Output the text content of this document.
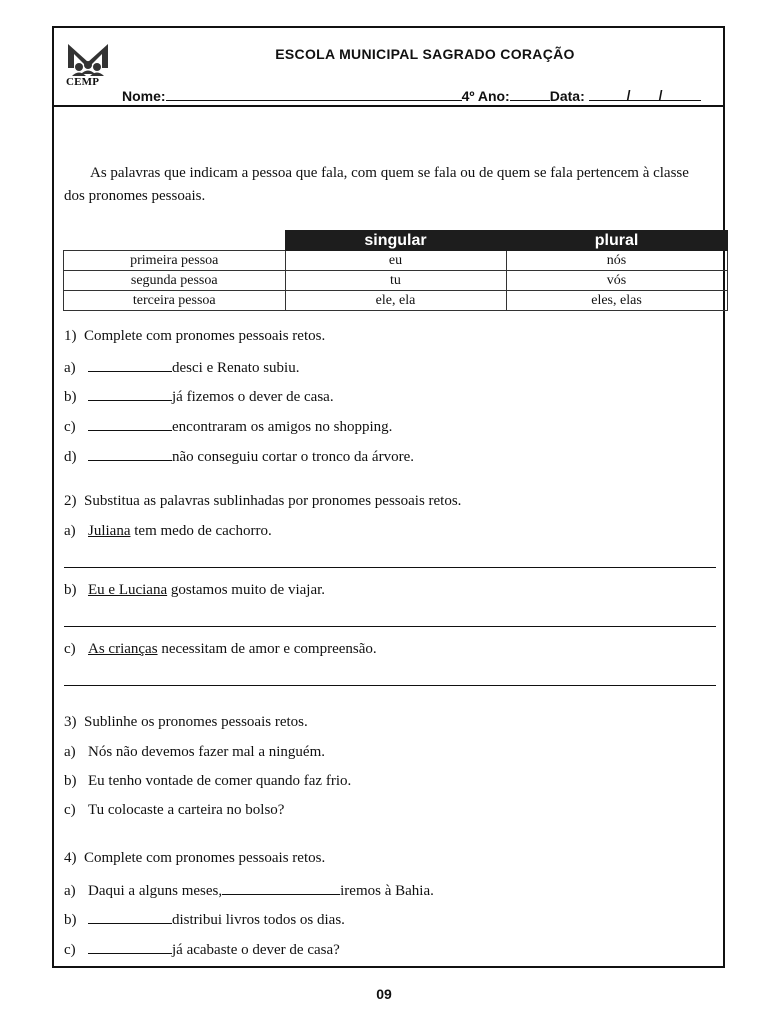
CEMP
ESCOLA MUNICIPAL SAGRADO CORAÇÃO
Nome:	4º Ano:	Data:	/ /
As palavras que indicam a pessoa que fala, com quem se fala ou de quem se fala pertencem à classe dos pronomes pessoais.
	singular	plural
primeira pessoa	eu	nós
segunda pessoa	tu	vós
terceira pessoa	ele, ela	eles, elas
1)  Complete com pronomes pessoais retos.
a)	desci e Renato subiu.
b)	já fizemos o dever de casa.
c)	encontraram os amigos no shopping.
d)	não conseguiu cortar o tronco da árvore.
2)  Substitua as palavras sublinhadas por pronomes pessoais retos.
a) Juliana tem medo de cachorro.
b) Eu e Luciana gostamos muito de viajar.
c) As crianças necessitam de amor e compreensão.
3)  Sublinhe os pronomes pessoais retos.
a) Nós não devemos fazer mal a ninguém.
b) Eu tenho vontade de comer quando faz frio.
c) Tu colocaste a carteira no bolso?
4)  Complete com pronomes pessoais retos.
a) Daqui a alguns meses,	iremos à Bahia.
b)	distribui livros todos os dias.
c)	já acabaste o dever de casa?
09
